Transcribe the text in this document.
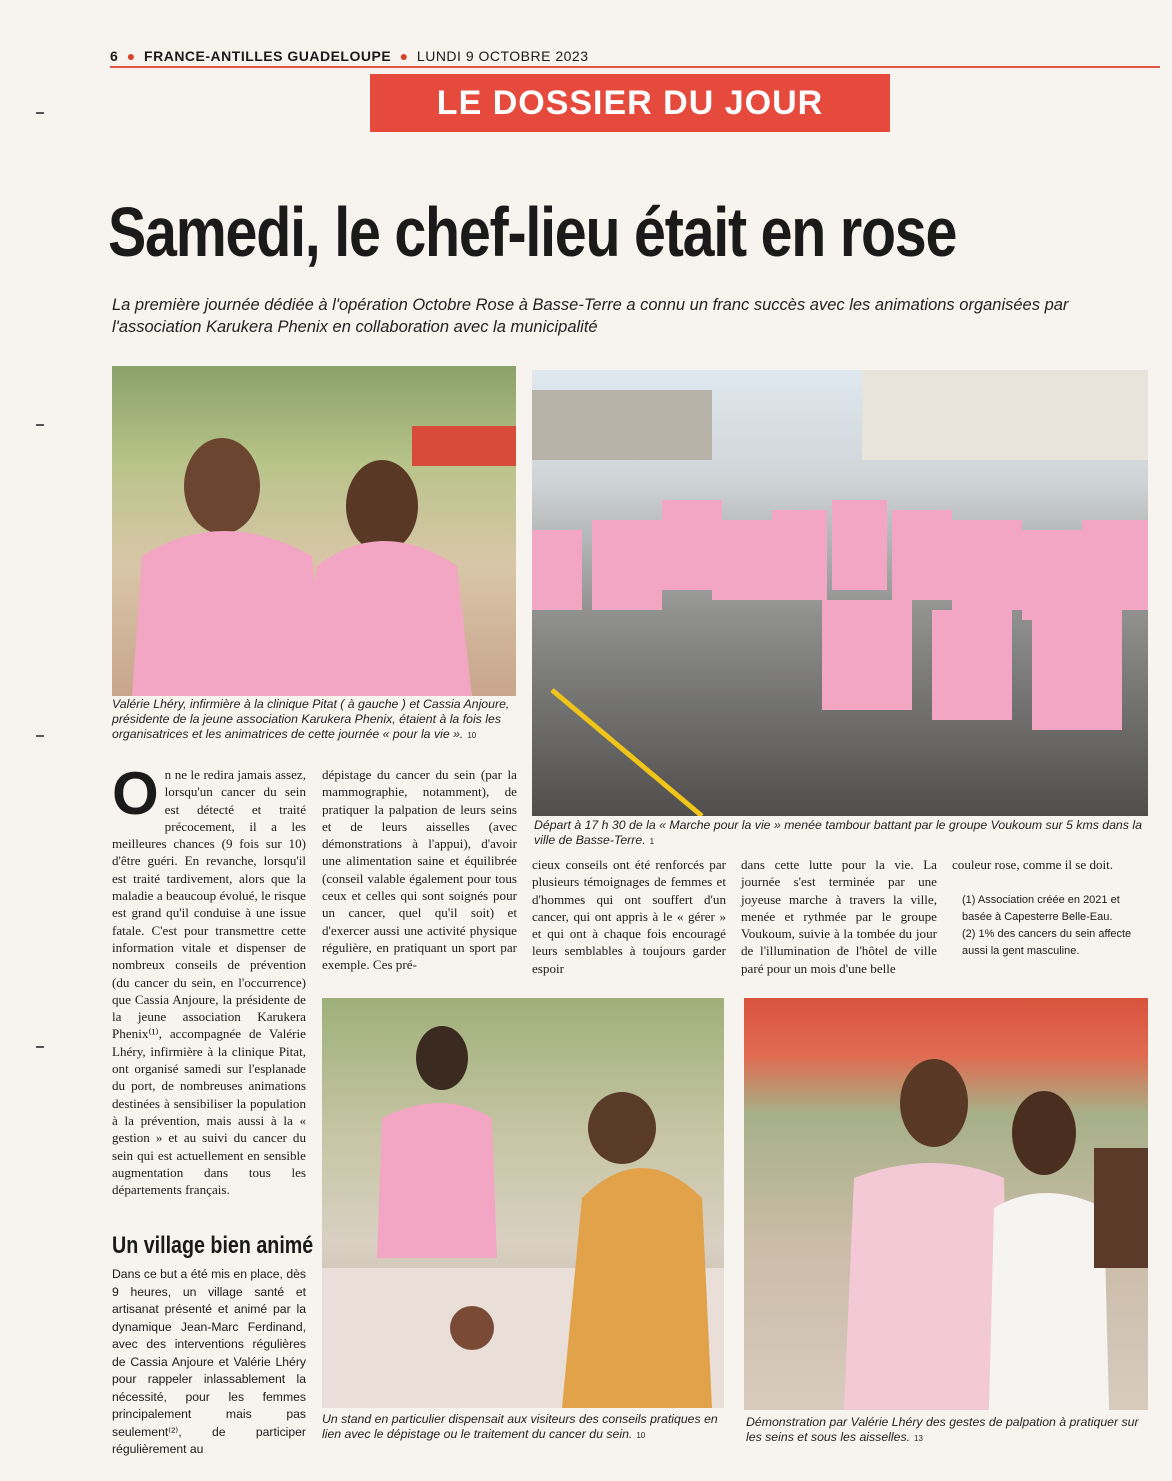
6 ● FRANCE-ANTILLES GUADELOUPE ● LUNDI 9 OCTOBRE 2023
LE DOSSIER DU JOUR
Samedi, le chef-lieu était en rose
La première journée dédiée à l'opération Octobre Rose à Basse-Terre a connu un franc succès avec les animations organisées par l'association Karukera Phenix en collaboration avec la municipalité
Valérie Lhéry, infirmière à la clinique Pitat ( à gauche ) et Cassia Anjoure, présidente de la jeune association Karukera Phenix, étaient à la fois les organisatrices et les animatrices de cette journée « pour la vie ». 10
Départ à 17 h 30 de la « Marche pour la vie » menée tambour battant par le groupe Voukoum sur 5 kms dans la ville de Basse-Terre. 1
O n ne le redira jamais assez, lorsqu'un cancer du sein est détecté et traité précocement, il a les meilleures chances (9 fois sur 10) d'être guéri. En revanche, lorsqu'il est traité tardivement, alors que la maladie a beaucoup évolué, le risque est grand qu'il conduise à une issue fatale. C'est pour transmettre cette information vitale et dispenser de nombreux conseils de prévention (du cancer du sein, en l'occurrence) que Cassia Anjoure, la présidente de la jeune association Karukera Phenix⁽¹⁾, accompagnée de Valérie Lhéry, infirmière à la clinique Pitat, ont organisé samedi sur l'esplanade du port, de nombreuses animations destinées à sensibiliser la population à la prévention, mais aussi à la « gestion » et au suivi du cancer du sein qui est actuellement en sensible augmentation dans tous les départements français.

dépistage du cancer du sein (par la mammographie, notamment), de pratiquer la palpation de leurs seins et de leurs aisselles (avec démonstrations à l'appui), d'avoir une alimentation saine et équilibrée (conseil valable également pour tous ceux et celles qui sont soignés pour un cancer, quel qu'il soit) et d'exercer aussi une activité physique régulière, en pratiquant un sport par exemple. Ces pré-

cieux conseils ont été renforcés par plusieurs témoignages de femmes et d'hommes qui ont souffert d'un cancer, qui ont appris à le « gérer » et qui ont à chaque fois encouragé leurs semblables à toujours garder espoir

dans cette lutte pour la vie. La journée s'est terminée par une joyeuse marche à travers la ville, menée et rythmée par le groupe Voukoum, suivie à la tombée du jour de l'illumination de l'hôtel de ville paré pour un mois d'une belle

couleur rose, comme il se doit.

(1) Association créée en 2021 et basée à Capesterre Belle-Eau.

(2) 1% des cancers du sein affecte aussi la gent masculine.

Un village bien animé
Dans ce but a été mis en place, dès 9 heures, un village santé et artisanat présenté et animé par la dynamique Jean-Marc Ferdinand, avec des interventions régulières de Cassia Anjoure et Valérie Lhéry pour rappeler inlassablement la nécessité, pour les femmes principalement mais pas seulement⁽²⁾, de participer régulièrement au
Un stand en particulier dispensait aux visiteurs des conseils pratiques en lien avec le dépistage ou le traitement du cancer du sein. 10
Démonstration par Valérie Lhéry des gestes de palpation à pratiquer sur les seins et sous les aisselles. 13
